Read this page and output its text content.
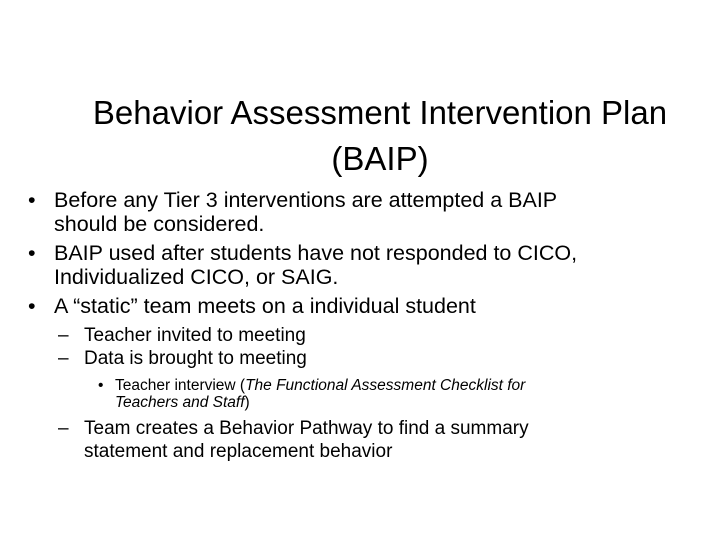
Behavior Assessment Intervention Plan
(BAIP)
• Before any Tier 3 interventions are attempted a BAIP
should be considered.
• BAIP used after students have not responded to CICO,
Individualized CICO, or SAIG.
• A “static” team meets on a individual student
– Teacher invited to meeting
– Data is brought to meeting
• Teacher interview (The Functional Assessment Checklist for
Teachers and Staff)
– Team creates a Behavior Pathway to find a summary
statement and replacement behavior
